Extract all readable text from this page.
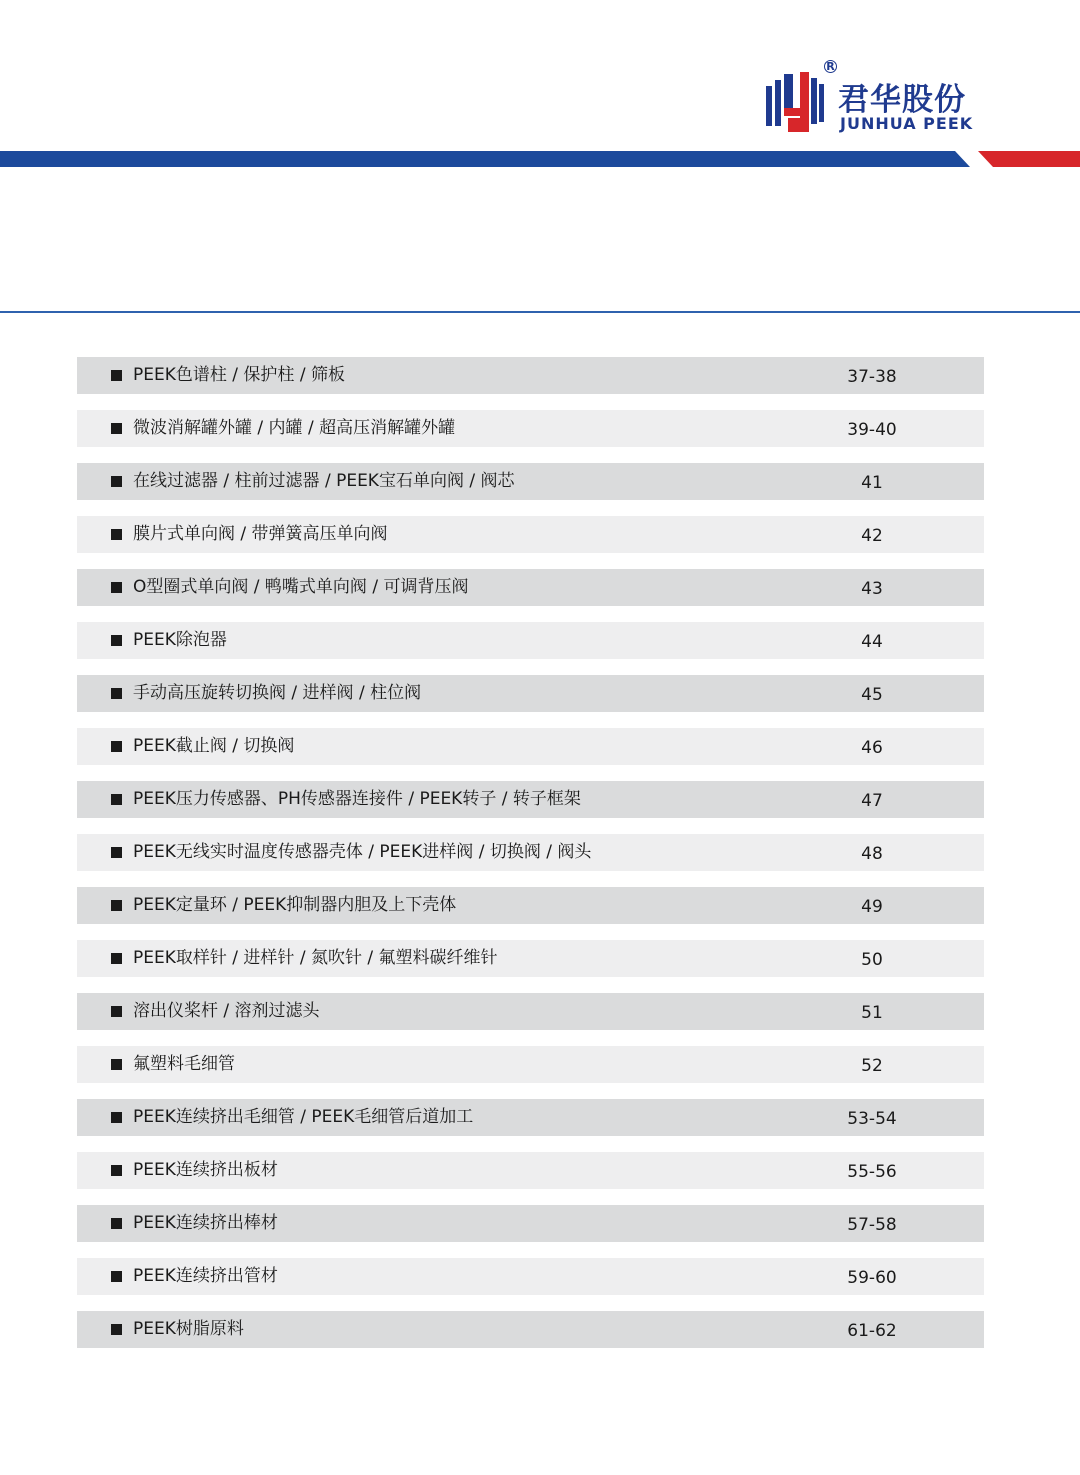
R
君华股份
JUNHUA PEEK
PEEK色谱柱 / 保护柱 / 筛板	37-38
微波消解罐外罐 / 内罐 / 超高压消解罐外罐	39-40
在线过滤器 / 柱前过滤器 / PEEK宝石单向阀 / 阀芯	41
膜片式单向阀 / 带弹簧高压单向阀	42
O型圈式单向阀 / 鸭嘴式单向阀 / 可调背压阀	43
PEEK除泡器	44
手动高压旋转切换阀 / 进样阀 / 柱位阀	45
PEEK截止阀 / 切换阀	46
PEEK压力传感器、PH传感器连接件 / PEEK转子 / 转子框架	47
PEEK无线实时温度传感器壳体 / PEEK进样阀 / 切换阀 / 阀头	48
PEEK定量环 / PEEK抑制器内胆及上下壳体	49
PEEK取样针 / 进样针 / 氮吹针 / 氟塑料碳纤维针	50
溶出仪桨杆 / 溶剂过滤头	51
氟塑料毛细管	52
PEEK连续挤出毛细管 / PEEK毛细管后道加工	53-54
PEEK连续挤出板材	55-56
PEEK连续挤出棒材	57-58
PEEK连续挤出管材	59-60
PEEK树脂原料	61-62
